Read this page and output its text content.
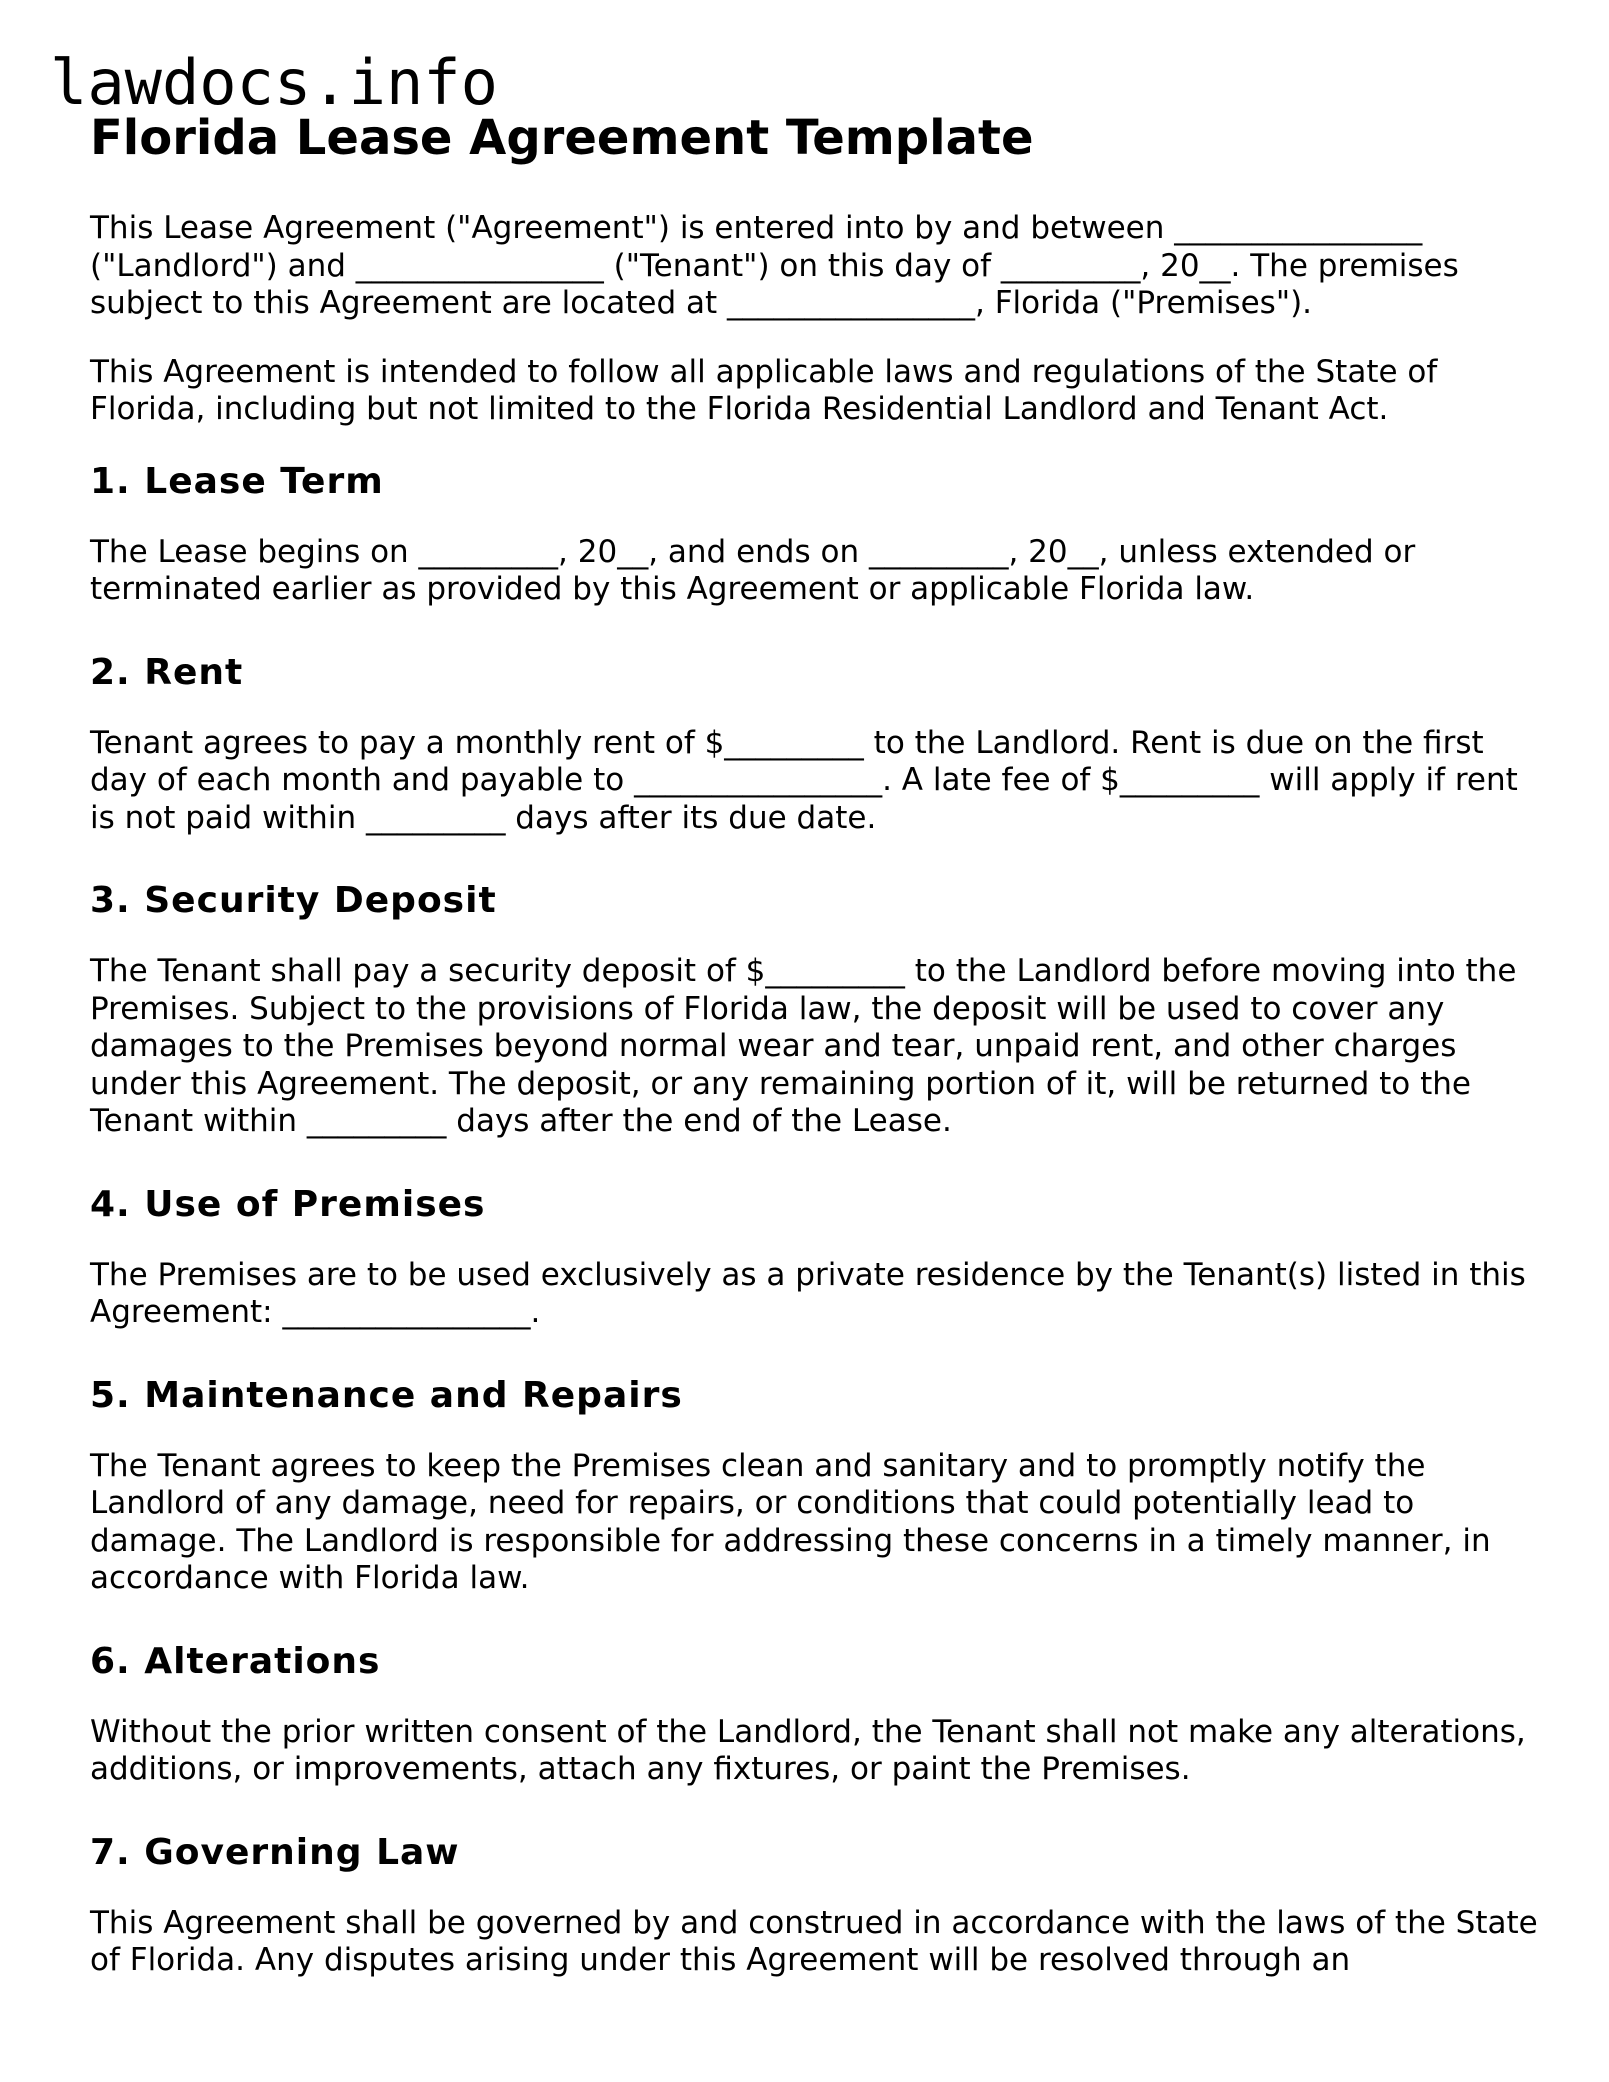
lawdocs.info
Florida Lease Agreement Template

This Lease Agreement ("Agreement") is entered into by and between ________________ ("Landlord") and ________________ ("Tenant") on this day of _________, 20__. The premises subject to this Agreement are located at ________________, Florida ("Premises").

This Agreement is intended to follow all applicable laws and regulations of the State of Florida, including but not limited to the Florida Residential Landlord and Tenant Act.

1. Lease Term

The Lease begins on _________, 20__, and ends on _________, 20__, unless extended or terminated earlier as provided by this Agreement or applicable Florida law.

2. Rent

Tenant agrees to pay a monthly rent of $_________ to the Landlord. Rent is due on the first day of each month and payable to ________________. A late fee of $_________ will apply if rent is not paid within _________ days after its due date.

3. Security Deposit

The Tenant shall pay a security deposit of $_________ to the Landlord before moving into the Premises. Subject to the provisions of Florida law, the deposit will be used to cover any damages to the Premises beyond normal wear and tear, unpaid rent, and other charges under this Agreement. The deposit, or any remaining portion of it, will be returned to the Tenant within _________ days after the end of the Lease.

4. Use of Premises

The Premises are to be used exclusively as a private residence by the Tenant(s) listed in this Agreement: ________________.

5. Maintenance and Repairs

The Tenant agrees to keep the Premises clean and sanitary and to promptly notify the Landlord of any damage, need for repairs, or conditions that could potentially lead to damage. The Landlord is responsible for addressing these concerns in a timely manner, in accordance with Florida law.

6. Alterations

Without the prior written consent of the Landlord, the Tenant shall not make any alterations, additions, or improvements, attach any fixtures, or paint the Premises.

7. Governing Law

This Agreement shall be governed by and construed in accordance with the laws of the State of Florida. Any disputes arising under this Agreement will be resolved through an
